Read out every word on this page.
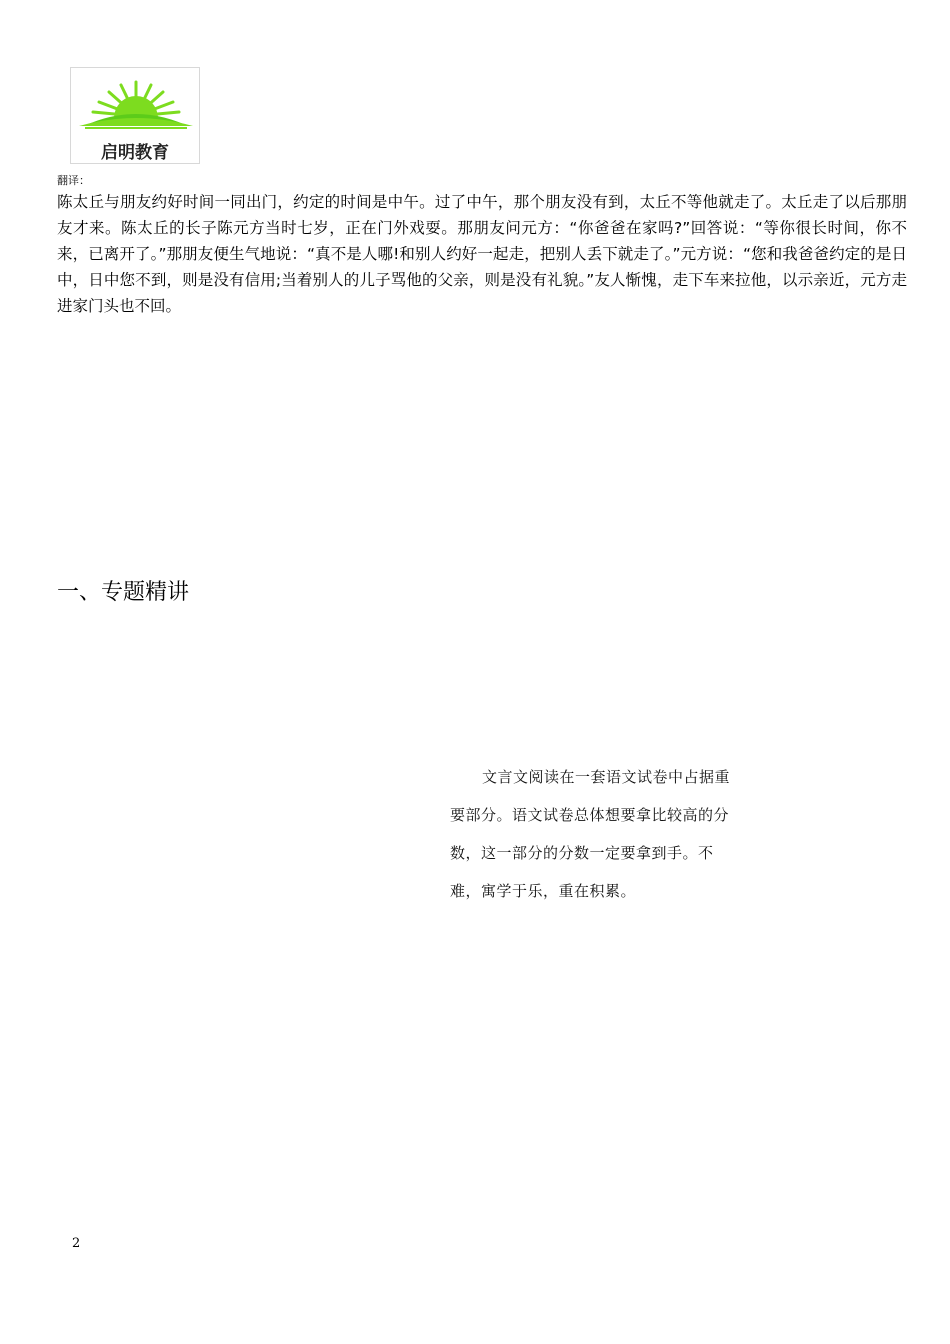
启明教育
翻译：

陈太丘与朋友约好时间一同出门，约定的时间是中午。过了中午，那个朋友没有到，太丘不等他就走了。太丘走了以后那朋友才来。陈太丘的长子陈元方当时七岁，正在门外戏耍。那朋友问元方：“你爸爸在家吗?”回答说：“等你很长时间，你不来，已离开了。”那朋友便生气地说：“真不是人哪!和别人约好一起走，把别人丢下就走了。”元方说：“您和我爸爸约定的是日中，日中您不到，则是没有信用;当着别人的儿子骂他的父亲，则是没有礼貌。”友人惭愧，走下车来拉他，以示亲近，元方走进家门头也不回。

一、专题精讲

文言文阅读在一套语文试卷中占据重要部分。语文试卷总体想要拿比较高的分数，这一部分的分数一定要拿到手。不难，寓学于乐，重在积累。

2
